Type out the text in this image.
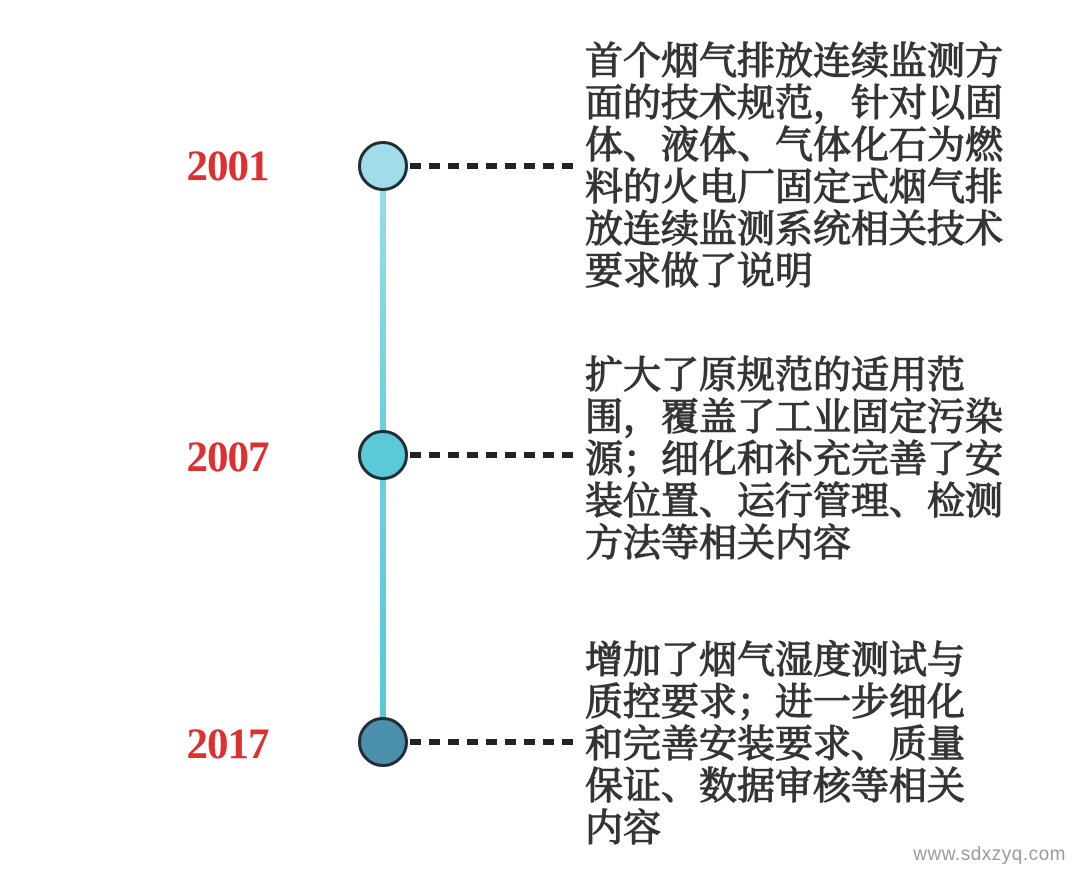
2001
首个烟气排放连续监测方
面的技术规范，针对以固
体、液体、气体化石为燃
料的火电厂固定式烟气排
放连续监测系统相关技术
要求做了说明
2007
扩大了原规范的适用范
围，覆盖了工业固定污染
源；细化和补充完善了安
装位置、运行管理、检测
方法等相关内容
2017
增加了烟气湿度测试与
质控要求；进一步细化
和完善安装要求、质量
保证、数据审核等相关
内容
www.sdxzyq.com
